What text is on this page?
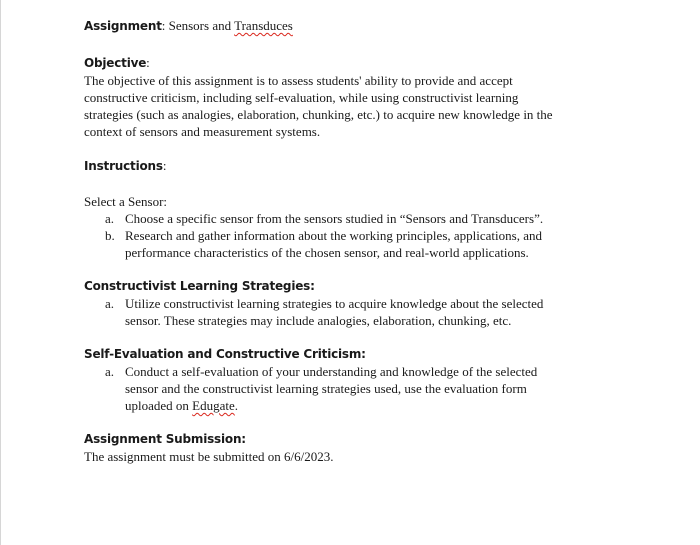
Assignment: Sensors and Transduces
Objective:
The objective of this assignment is to assess students' ability to provide and accept
constructive criticism, including self-evaluation, while using constructivist learning
strategies (such as analogies, elaboration, chunking, etc.) to acquire new knowledge in the
context of sensors and measurement systems.
Instructions:
Select a Sensor:
a. Choose a specific sensor from the sensors studied in “Sensors and Transducers”.
b. Research and gather information about the working principles, applications, and
performance characteristics of the chosen sensor, and real-world applications.
Constructivist Learning Strategies:
a. Utilize constructivist learning strategies to acquire knowledge about the selected
sensor. These strategies may include analogies, elaboration, chunking, etc.
Self-Evaluation and Constructive Criticism:
a. Conduct a self-evaluation of your understanding and knowledge of the selected
sensor and the constructivist learning strategies used, use the evaluation form
uploaded on Edugate.
Assignment Submission:
The assignment must be submitted on 6/6/2023.
